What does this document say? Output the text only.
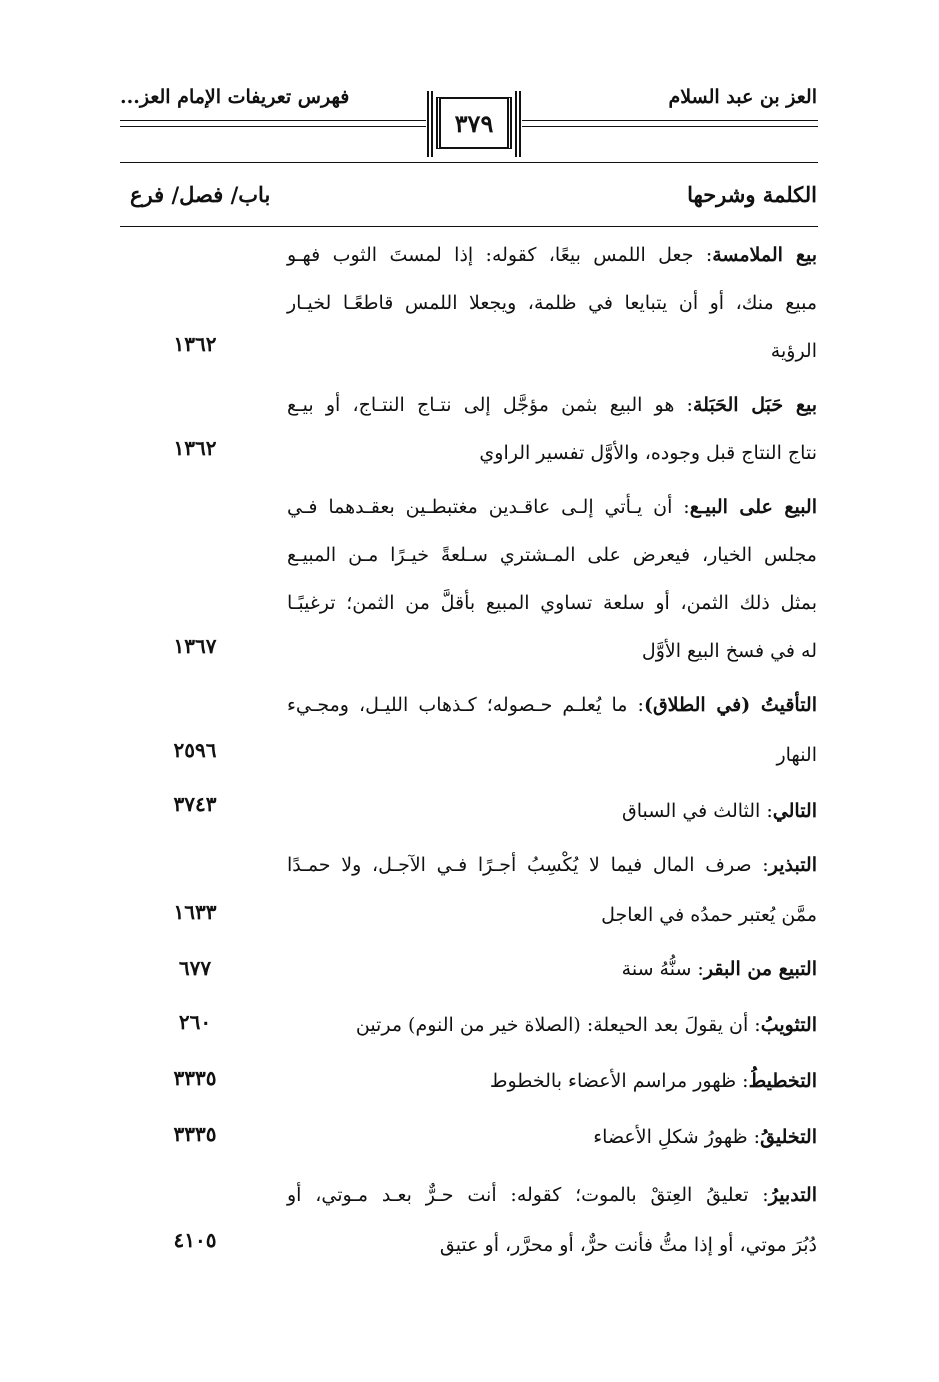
العز بن عبد السلام
فهرس تعريفات الإمام العز...
٣٧٩
الكلمة وشرحها
باب/ فصل/ فرع
بيع الملامسة: جعل اللمس بيعًا، كقوله: إذا لمستَ الثوب فهـو
مبيع منك، أو أن يتبايعا في ظلمة، ويجعلا اللمس قاطعًـا لخيـار
الرؤية
١٣٦٢
بيع حَبَل الحَبَلة: هو البيع بثمن مؤجَّل إلى نتـاج النتـاج، أو بيـع
نتاج النتاج قبل وجوده، والأوَّل تفسير الراوي
١٣٦٢
البيع على البيـع: أن يـأتي إلـى عاقـدين مغتبطـين بعقـدهما فـي
مجلس الخيار، فيعرض على المـشتري سـلعةً خيـرًا مـن المبيـع
بمثل ذلك الثمن، أو سلعة تساوي المبيع بأقلَّ من الثمن؛ ترغيبًـا
له في فسخ البيع الأوَّل
١٣٦٧
التأقيتُ (في الطلاق): ما يُعلـم حـصوله؛ كـذهاب الليـل، ومجـيء
النهار
٢٥٩٦
التالي: الثالث في السباق
٣٧٤٣
التبذير: صرف المال فيما لا يُكْسِبُ أجـرًا فـي الآجـل، ولا حمـدًا
ممَّن يُعتبر حمدُه في العاجل
١٦٣٣
التبيع من البقر: سنُّهُ سنة
٦٧٧
التثويبُ: أن يقولَ بعد الحيعلة: (الصلاة خير من النوم) مرتين
٢٦٠
التخطيطُ: ظهور مراسم الأعضاء بالخطوط
٣٣٣٥
التخليقُ: ظهورُ شكلِ الأعضاء
٣٣٣٥
التدبيرُ: تعليقُ العِتقْ بالموت؛ كقوله: أنت حـرٌّ بعـد مـوتي، أو
دُبُرَ موتي، أو إذا متُّ فأنت حرٌّ، أو محرَّر، أو عتيق
٤١٠٥
